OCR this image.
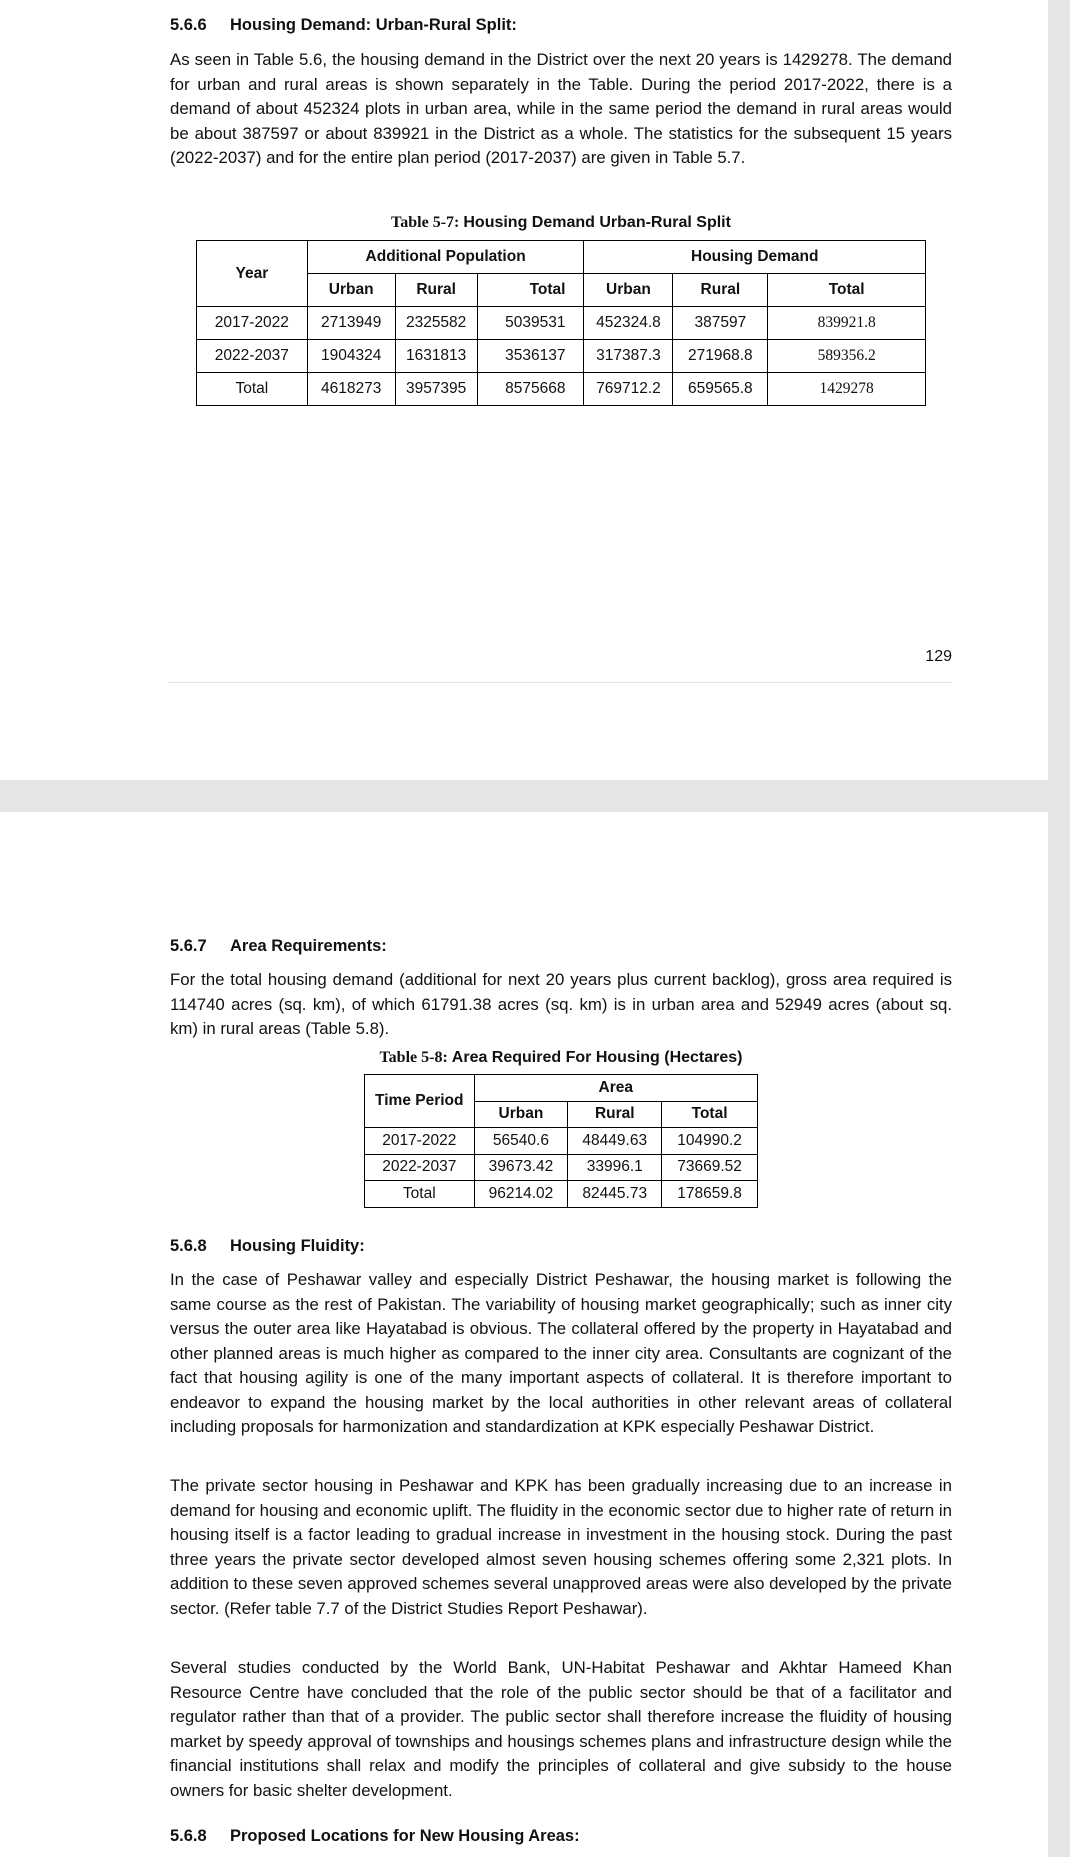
5.6.6 Housing Demand: Urban-Rural Split:

As seen in Table 5.6, the housing demand in the District over the next 20 years is 1429278. The demand for urban and rural areas is shown separately in the Table. During the period 2017-2022, there is a demand of about 452324 plots in urban area, while in the same period the demand in rural areas would be about 387597 or about 839921 in the District as a whole. The statistics for the subsequent 15 years (2022-2037) and for the entire plan period (2017-2037) are given in Table 5.7.

Table 5-7: Housing Demand Urban-Rural Split
Year	Additional Population			Housing Demand		
	Urban	Rural	Total	Urban	Rural	Total
2017-2022	2713949	2325582	5039531	452324.8	387597	839921.8
2022-2037	1904324	1631813	3536137	317387.3	271968.8	589356.2
Total	4618273	3957395	8575668	769712.2	659565.8	1429278
129
5.6.7 Area Requirements:

For the total housing demand (additional for next 20 years plus current backlog), gross area required is 114740 acres (sq. km), of which 61791.38 acres (sq. km) is in urban area and 52949 acres (about sq. km) in rural areas (Table 5.8).

Table 5-8: Area Required For Housing (Hectares)
Time Period	Area		
	Urban	Rural	Total
2017-2022	56540.6	48449.63	104990.2
2022-2037	39673.42	33996.1	73669.52
Total	96214.02	82445.73	178659.8
5.6.8 Housing Fluidity:

In the case of Peshawar valley and especially District Peshawar, the housing market is following the same course as the rest of Pakistan. The variability of housing market geographically; such as inner city versus the outer area like Hayatabad is obvious. The collateral offered by the property in Hayatabad and other planned areas is much higher as compared to the inner city area. Consultants are cognizant of the fact that housing agility is one of the many important aspects of collateral. It is therefore important to endeavor to expand the housing market by the local authorities in other relevant areas of collateral including proposals for harmonization and standardization at KPK especially Peshawar District.

The private sector housing in Peshawar and KPK has been gradually increasing due to an increase in demand for housing and economic uplift. The fluidity in the economic sector due to higher rate of return in housing itself is a factor leading to gradual increase in investment in the housing stock. During the past three years the private sector developed almost seven housing schemes offering some 2,321 plots. In addition to these seven approved schemes several unapproved areas were also developed by the private sector. (Refer table 7.7 of the District Studies Report Peshawar).

Several studies conducted by the World Bank, UN-Habitat Peshawar and Akhtar Hameed Khan Resource Centre have concluded that the role of the public sector should be that of a facilitator and regulator rather than that of a provider. The public sector shall therefore increase the fluidity of housing market by speedy approval of townships and housings schemes plans and infrastructure design while the financial institutions shall relax and modify the principles of collateral and give subsidy to the house owners for basic shelter development.

5.6.8 Proposed Locations for New Housing Areas:
